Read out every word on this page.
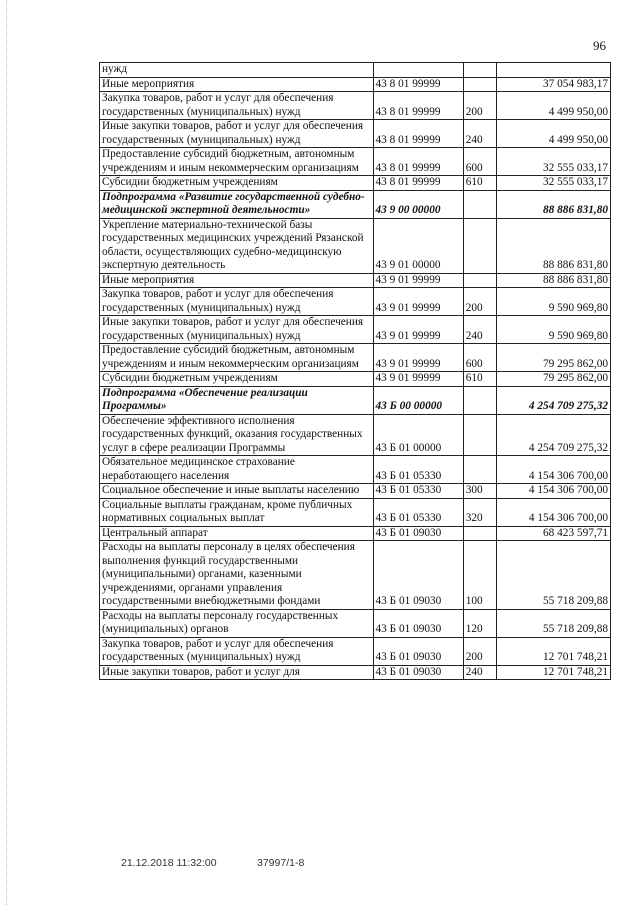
96
нужд			
Иные мероприятия	43 8 01 99999		37 054 983,17
Закупка товаров, работ и услуг для обеспечения государственных (муниципальных) нужд	43 8 01 99999	200	4 499 950,00
Иные закупки товаров, работ и услуг для обеспечения государственных (муниципальных) нужд	43 8 01 99999	240	4 499 950,00
Предоставление субсидий бюджетным, автономным учреждениям и иным некоммерческим организациям	43 8 01 99999	600	32 555 033,17
Субсидии бюджетным учреждениям	43 8 01 99999	610	32 555 033,17
Подпрограмма «Развитие государственной судебно-медицинской экспертной деятельности»	43 9 00 00000		88 886 831,80
Укрепление материально-технической базы государственных медицинских учреждений Рязанской области, осуществляющих судебно-медицинскую экспертную деятельность	43 9 01 00000		88 886 831,80
Иные мероприятия	43 9 01 99999		88 886 831,80
Закупка товаров, работ и услуг для обеспечения государственных (муниципальных) нужд	43 9 01 99999	200	9 590 969,80
Иные закупки товаров, работ и услуг для обеспечения государственных (муниципальных) нужд	43 9 01 99999	240	9 590 969,80
Предоставление субсидий бюджетным, автономным учреждениям и иным некоммерческим организациям	43 9 01 99999	600	79 295 862,00
Субсидии бюджетным учреждениям	43 9 01 99999	610	79 295 862,00
Подпрограмма «Обеспечение реализации Программы»	43 Б 00 00000		4 254 709 275,32
Обеспечение эффективного исполнения государственных функций, оказания государственных услуг в сфере реализации Программы	43 Б 01 00000		4 254 709 275,32
Обязательное медицинское страхование неработающего населения	43 Б 01 05330		4 154 306 700,00
Социальное обеспечение и иные выплаты населению	43 Б 01 05330	300	4 154 306 700,00
Социальные выплаты гражданам, кроме публичных нормативных социальных выплат	43 Б 01 05330	320	4 154 306 700,00
Центральный аппарат	43 Б 01 09030		68 423 597,71
Расходы на выплаты персоналу в целях обеспечения выполнения функций государственными (муниципальными) органами, казенными учреждениями, органами управления государственными внебюджетными фондами	43 Б 01 09030	100	55 718 209,88
Расходы на выплаты персоналу государственных (муниципальных) органов	43 Б 01 09030	120	55 718 209,88
Закупка товаров, работ и услуг для обеспечения государственных (муниципальных) нужд	43 Б 01 09030	200	12 701 748,21
Иные закупки товаров, работ и услуг для	43 Б 01 09030	240	12 701 748,21
21.12.2018 11:32:00	37997/1-8
